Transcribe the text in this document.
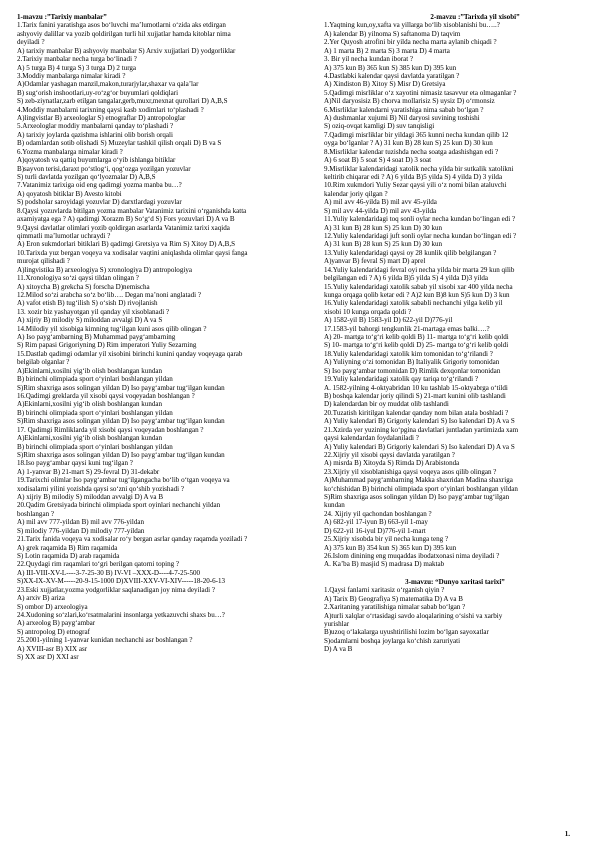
1-mavzu :”Tarixiy manbalar”
1.Tarix fanini yaratishga asos bo‘luvchi ma’lumotlarni o‘zida aks etdirgan
ashyoviy dalillar va yozib qoldirilgan turli hil xujjatlar hamda kitoblar nima
deyiladi ?
A) tarixiy manbalar B) ashyoviy manbalar S) Arxiv xujjatlari D) yodgorliklar
2.Tarixiy manbalar necha turga bo‘linadi ?
A) 5 turga B) 4 turga S) 3 turga D) 2 turga
3.Moddiy manbalarga nimalar kiradi ?
A)Odamlar yashagan manzil,makon,turarjylar,shaxar va qala’lar
B) sug‘orish inshootlari,uy-ro‘zg‘or buyumlari qoldiqlari
S) zeb-ziynatlar,zarb etilgan tangalar,gerb,muxr,mexnat qurollari D) A,B,S
4.Moddiy manbalarni tarixning qaysi kasb xodimlari to‘plashadi ?
A)lingvistlar B) arxeologlar S) etnograflar D) antropologlar
5.Arxeologlar moddiy manbalarni qanday to‘plashadi ?
A) tarixiy joylarda qazishma ishlarini olib borish orqali
B) odamlardan sotib olishadi S) Muzeylar tashkil qilish orqali D) B va S
6.Yozma manbalarga nimalar kiradi ?
A)qoyatosh va qattiq buyumlarga o‘yib ishlanga bitiklar
B)sayvon terisi,daraxt po‘stlog‘i, qog‘ozga yozilgan yozuvlar
S) turli davlatda yozilgan qo‘lyozmalar D) A,B,S
7.Vatanimiz tarixiga oid eng qadimgi yozma manba bu…?
A) qoyatosh bitiklar B) Avesto kitobi
S) podsholar saroyidagi yozuvlar D) darxtlardagi yozuvlar
8.Qaysi yozuvlarda bitilgan yozma manbalar Vatanimiz tarixini o‘rganishda katta
axamiyatga ega ? A) qadimgi Xorazm B) So‘g‘d S) Fors yozuvlari D) A va B
9.Qaysi davlatlar olimlari yozib qoldirgan asarlarda Vatanimiz tarixi xaqida
qimmatli ma’lumotlar uchraydi ?
A) Eron sukmdorlari bitiklari B) qadimgi Gretsiya va Rim S) Xitoy D) A,B,S
10.Tarixda yuz bergan voqeya va xodisalar vaqtini aniqlashda olimlar qaysi fanga
murojat qilishadi ?
A)lingvistika B) arxeologiya S) xronologiya D) antropologiya
11.Xronologiya so‘zi qaysi tildan olingan ?
A) xitoycha B) grekcha S) forscha D)nemischa
12.Milod so‘zi arabcha so‘z bo‘lib…. Degan ma’noni anglatadi ?
A) vafot etish B) tug‘ilish S) o‘sish D) rivojlanish
13. xozir biz yashayotgan yil qanday yil xisoblanadi ?
A) xijriy B) milodiy S) miloddan avvalgi D) A va S
14.Milodiy yil xisobiga kimning tug‘ilgan kuni asos qilib olingan ?
A) Iso payg‘ambarning B) Muhammad payg‘ambarning
S) Rim papasi Grigoriyning D) Rim imperatori Yuliy Sezarning
15.Dastlab qadimgi odamlar yil xisobini birinchi kunini qanday voqeyaga qarab
belgilab olganlar ?
A)Ekinlarni,xosilni yig‘ib olish boshlangan kundan
B) birinchi olimpiada sport o‘yinlari boshlangan yildan
S)Rim shaxriga asos solingan yildan D) Iso payg‘ambar tug‘ilgan kundan
16.Qadimgi greklarda yil xisobi qaysi voqeyadan boshlangan ?
A)Ekinlarni,xosilni yig‘ib olish boshlangan kundan
B) birinchi olimpiada sport o‘yinlari boshlangan yildan
S)Rim shaxriga asos solingan yildan D) Iso payg‘ambar tug‘ilgan kundan
17. Qadimgi Rimliklarda yil xisobi qaysi voqeyadan boshlangan ?
A)Ekinlarni,xosilni yig‘ib olish boshlangan kundan
B) birinchi olimpiada sport o‘yinlari boshlangan yildan
S)Rim shaxriga asos solingan yildan D) Iso payg‘ambar tug‘ilgan kundan
18.Iso payg‘ambar qaysi kuni tug‘ilgan ?
A) 1-yanvar B) 21-mart S) 29-fevral D) 31-dekabr
19.Tarixchi olimlar Iso payg‘ambar tug‘ilgangacha bo‘lib o‘tgan voqeya va
xodisalarni yilini yozishda qaysi so‘zni qo‘shib yozishadi ?
A) xijriy B) milodiy S) miloddan avvalgi D) A va B
20.Qadim Gretsiyada birinchi olimpiada sport oyinlari nechanchi yildan
boshlangan ?
A) mil avv 777-yildan B) mil avv 776-yildan
S) milodiy 776-yildan D) milodiy 777-yildan
21.Tarix fanida voqeya va xodisalar ro‘y bergan asrlar qanday raqamda yoziladi ?
A) grek raqamida B) Rim raqamida
S) Lotin raqamida D) arab raqamida
22.Quydagi rim raqamlari to‘gri berilgan qatorni toping ?
A) III-VIII-XV-L----3-7-25-30 B) IV-VI –XXX-D----4-7-25-500
S)XX-IX-XV-M-----20-9-15-1000 D)XVIII-XXV-VI-XIV-----18-20-6-13
23.Eski xujjatlar,yozma yodgorliklar saqlanadigan joy nima deyiladi ?
A) arxiv B) ariza
S) ombor D) arxeologiya
24.Xudoning so‘zlari,ko‘rsatmalarini insonlarga yetkazuvchi shaxs bu…?
A) arxeolog B) payg‘ambar
S) antropolog D) etnograf
25.2001-yilning 1-yanvar kunidan nechanchi asr boshlangan ?
A) XVIII-asr B) XIX asr
S) XX asr D) XXI asr
2-mavzu :”Tarixda yil xisobi”
1.Yaqtning kun,oy,xafta va yillarga bo‘lib xisoblanishi bu…..?
A) kalendar B) yilnoma S) saftanoma D) taqvim
2.Yer Quyosh atrofini bir yilda necha marta aylanib chiqadi ?
A) 1 marta B) 2 marta S) 3 marta D) 4 marta
3. Bir yil necha kundan iborat ?
A) 375 kun B) 365 kun S) 385 kun D) 395 kun
4.Dastlabki kalendar qaysi davlatda yaratilgan ?
A) Xindiston B) Xitoy S) Misr D) Gretsiya
5.Qadimgi misrliklar o‘z xayotini nimasiz tasavvur eta olmaganlar ?
A)Nil daryosisiz B) chorva mollarisiz S) uysiz D) o‘rmonsiz
6.Misrliklar kalendarni yaratishiga nima sabab bo‘lgan ?
A) dushmanlar xujumi B) Nil daryosi suvining toshishi
S) oziq-ovqat kamligi D) suv tanqisligi
7.Qadimgi misrliklar bir yildagi 365 kunni necha kundan qilib 12
oyga bo‘lganlar ? A) 31 kun B) 28 kun S) 25 kun D) 30 kun
8.Misrliklar kalendar tuzishda necha soatga adashishgan edi ?
A) 6 soat B) 5 soat S) 4 soat D) 3 soat
9.Misrliklar kalendaridagi xatolik necha yilda bir sutkalik xatolikni
keltirib chiqarar edi ? A) 6 yilda B)5 yilda S) 4 yilda D) 3 yilda
10.Rim xukmdori Yuliy Sezar qaysi yili o‘z nomi bilan ataluvchi
kalendar joriy qilgan ?
A) mil avv 46-yilda B) mil avv 45-yilda
S) mil avv 44-yilda D) mil avv 43-yilda
11.Yuliy kalendaridagi toq sonli oylar necha kundan bo‘lingan edi ?
A) 31 kun B) 28 kun S) 25 kun D) 30 kun
12.Yuliy kalendaridagi juft sonli oylar necha kundan bo‘lingan edi ?
A) 31 kun B) 28 kun S) 25 kun D) 30 kun
13.Yuliy kalendaridagi qaysi oy 28 kunlik qilib belgilangan ?
A)yanvar B) fevral S) mart D) aprel
14.Yuliy kalendaridagi fevral oyi necha yilda bir marta 29 kun qilib
belgilangan edi ? A) 6 yilda B)5 yilda S) 4 yilda D)3 yilda
15.Yuliy kalendaridagi xatolik sabab yil xisobi xar 400 yilda necha
kunga orqaga qolib ketar edi ? A)2 kun B)8 kun S)5 kun D) 3 kun
16.Yuliy kalendaridagi xatolik sababli nechanchi yilga kelib yil
xisobi 10 kunga orqada qoldi ?
A) 1582-yil B) 1583-yil D) 622-yil D)776-yil
17.1583-yil bahorgi tengkunlik 21-martaga emas balki….?
A) 20- martga to‘g‘ri kelib qoldi B) 11- martga to‘g‘ri kelib qoldi
S) 10- martga to‘g‘ri kelib qoldi D) 25- martga to‘g‘ri kelib qoldi
18.Yuliy kalendaridagi xatolik kim tomonidan to‘g‘rilandi ?
A) Yuliyning o‘zi tomonidan B) Italiyalik Grigoriy tomonidan
S) Iso payg‘ambar tomonidan D) Rimlik dexqonlar tomonidan
19.Yuliy kalendaridagi xatolik qay tariqa to‘g‘rilandi ?
A. 1582-yilning 4-oktyabridan 10 ku tashlab 15-oktyabrga o‘tildi
B) boshqa kalendar joriy qilindi S) 21-mart kunini olib tashlandi
D) kalendardan bir oy muddat olib tashlandi
20.Tuzatish kiritilgan kalendar qanday nom bilan atala boshladi ?
A) Yuliy kalendari B) Grigoriy kalendari S) Iso kalendari D) A va S
21.Xzirda yer yuzining ko‘pgina davlatlari juntladan yartimizda xam
qaysi kalendardan foydalaniladi ?
A) Yuliy kalendari B) Grigoriy kalendari S) Iso kalendari D) A va S
22.Xijriy yil xisobi qaysi davlatda yaratilgan ?
A) misrda B) Xitoyda S) Rimda D) Arabistonda
23.Xijriy yil xisoblanishiga qaysi voqeya asos qilib olingan ?
A)Muhammad payg‘ambarning Makka shaxridan Madina shaxriga
ko‘chishidan B) birinchi olimpiada sport o‘yinlari boshlangan yildan
S)Rim shaxriga asos solingan yildan D) Iso payg‘ambar tug‘ilgan
kundan
24. Xijriy yil qachondan boshlangan ?
A) 682-yil 17-iyun B) 663-yil 1-may
D) 622-yil 16-iyul D)776-yil 1-mart
25.Xijriy xisobda bir yil necha kunga teng ?
A) 375 kun B) 354 kun S) 365 kun D) 395 kun
26.Islom dinining eng muqaddas ibodatxonasi nima deyiladi ?
A. Ka’ba B) masjid S) madrasa D) maktab
3-mavzu: “Dunyo xaritasi tarixi”
1.Qaysi fanlarni xaritasiz o‘rganish qiyin ?
A) Tarix B) Geografiya S) matematika D) A va B
2.Xaritaning yaratilishiga nimalar sabab bo‘lgan ?
A)turli xalqlar o‘rtasidagi savdo aloqalarining o‘sishi va xarbiy
yurishlar
B)uzoq o‘lakalarga uyushtirilishi lozim bo‘lgan sayoxatlar
S)odamlarni boshqa joylarga ko‘chish zaruriyati
D) A va B
1.
